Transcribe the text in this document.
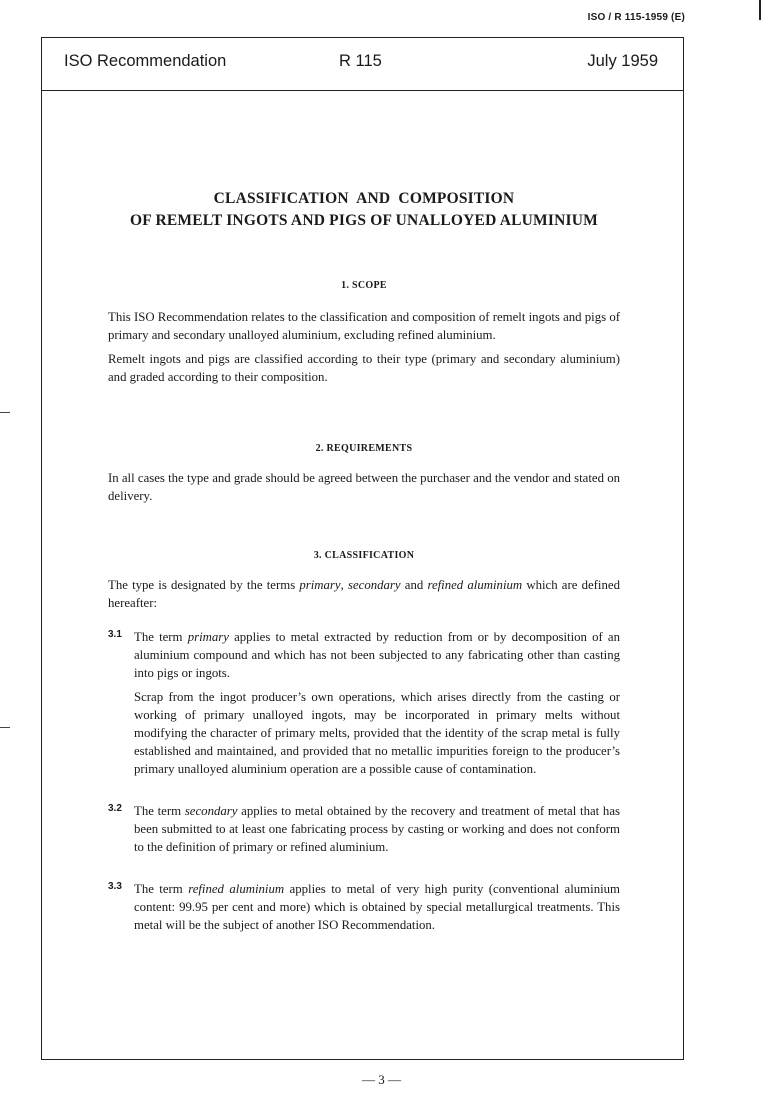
ISO / R 115-1959 (E)
ISO Recommendation	R 115	July 1959

CLASSIFICATION  AND  COMPOSITION

OF REMELT INGOTS AND PIGS OF UNALLOYED ALUMINIUM

1. SCOPE

This ISO Recommendation relates to the classification and composition of remelt ingots and pigs of primary and secondary unalloyed aluminium, excluding refined aluminium.

Remelt ingots and pigs are classified according to their type (primary and secondary aluminium) and graded according to their composition.

2. REQUIREMENTS

In all cases the type and grade should be agreed between the purchaser and the vendor and stated on delivery.

3. CLASSIFICATION

The type is designated by the terms primary, secondary and refined aluminium which are defined hereafter:

3.1 The term primary applies to metal extracted by reduction from or by decomposition of an aluminium compound and which has not been subjected to any fabricating other than casting into pigs or ingots.

Scrap from the ingot producer’s own operations, which arises directly from the casting or working of primary unalloyed ingots, may be incorporated in primary melts without modifying the character of primary melts, provided that the identity of the scrap metal is fully established and maintained, and provided that no metallic impurities foreign to the producer’s primary unalloyed aluminium operation are a possible cause of contamination.

3.2 The term secondary applies to metal obtained by the recovery and treatment of metal that has been submitted to at least one fabricating process by casting or working and does not conform to the definition of primary or refined aluminium.

3.3 The term refined aluminium applies to metal of very high purity (conventional aluminium content: 99.95 per cent and more) which is obtained by special metallurgical treatments. This metal will be the subject of another ISO Recommendation.

— 3 —
